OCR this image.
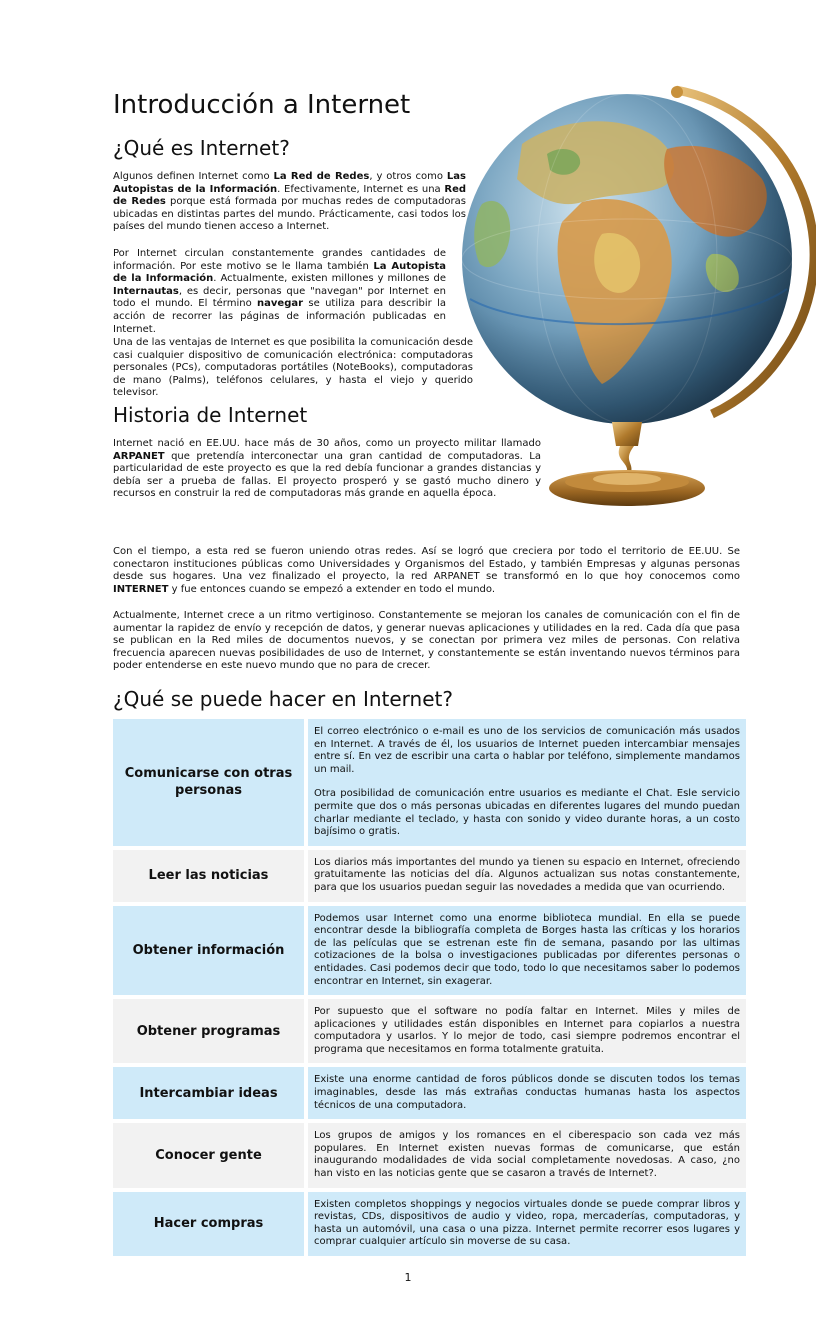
Introducción a Internet
¿Qué es Internet?

Algunos definen Internet como La Red de Redes, y otros como Las Autopistas de la Información. Efectivamente, Internet es una Red de Redes porque está formada por muchas redes de computadoras ubicadas en distintas partes del mundo. Prácticamente, casi todos los países del mundo tienen acceso a Internet.

Por Internet circulan constantemente grandes cantidades de información. Por este motivo se le llama también La Autopista de la Información. Actualmente, existen millones y millones de Internautas, es decir, personas que "navegan" por Internet en todo el mundo. El término navegar se utiliza para describir la acción de recorrer las páginas de información publicadas en Internet.

Una de las ventajas de Internet es que posibilita la comunicación desde casi cualquier dispositivo de comunicación electrónica: computadoras personales (PCs), computadoras portátiles (NoteBooks), computadoras de mano (Palms), teléfonos celulares, y hasta el viejo y querido televisor.

Historia de Internet

Internet nació en EE.UU. hace más de 30 años, como un proyecto militar llamado ARPANET que pretendía interconectar una gran cantidad de computadoras. La particularidad de este proyecto es que la red debía funcionar a grandes distancias y debía ser a prueba de fallas. El proyecto prosperó y se gastó mucho dinero y recursos en construir la red de computadoras más grande en aquella época.

Con el tiempo, a esta red se fueron uniendo otras redes. Así se logró que creciera por todo el territorio de EE.UU. Se conectaron instituciones públicas como Universidades y Organismos del Estado, y también Empresas y algunas personas desde sus hogares. Una vez finalizado el proyecto, la red ARPANET se transformó en lo que hoy conocemos como INTERNET y fue entonces cuando se empezó a extender en todo el mundo.

Actualmente, Internet crece a un ritmo vertiginoso. Constantemente se mejoran los canales de comunicación con el fin de aumentar la rapidez de envío y recepción de datos, y generar nuevas aplicaciones y utilidades en la red. Cada día que pasa se publican en la Red miles de documentos nuevos, y se conectan por primera vez miles de personas. Con relativa frecuencia aparecen nuevas posibilidades de uso de Internet, y constantemente se están inventando nuevos términos para poder entenderse en este nuevo mundo que no para de crecer.

¿Qué se puede hacer en Internet?
Comunicarse con otras personas		El correo electrónico o e-mail es uno de los servicios de comunicación más usados en Internet. A través de él, los usuarios de Internet pueden intercambiar mensajes entre sí. En vez de escribir una carta o hablar por teléfono, simplemente mandamos un mail.

Otra posibilidad de comunicación entre usuarios es mediante el Chat. Esle servicio permite que dos o más personas ubicadas en diferentes lugares del mundo puedan charlar mediante el teclado, y hasta con sonido y video durante horas, a un costo bajísimo o gratis.

Leer las noticias		Los diarios más importantes del mundo ya tienen su espacio en Internet, ofreciendo gratuitamente las noticias del día. Algunos actualizan sus notas constantemente, para que los usuarios puedan seguir las novedades a medida que van ocurriendo.

Obtener información		Podemos usar Internet como una enorme biblioteca mundial. En ella se puede encontrar desde la bibliografía completa de Borges hasta las críticas y los horarios de las películas que se estrenan este fin de semana, pasando por las ultimas cotizaciones de la bolsa o investigaciones publicadas por diferentes personas o entidades. Casi podemos decir que todo, todo lo que necesitamos saber lo podemos encontrar en Internet, sin exagerar.

Obtener programas		Por supuesto que el software no podía faltar en Internet. Miles y miles de aplicaciones y utilidades están disponibles en Internet para copiarlos a nuestra computadora y usarlos. Y lo mejor de todo, casi siempre podremos encontrar el programa que necesitamos en forma totalmente gratuita.

Intercambiar ideas		Existe una enorme cantidad de foros públicos donde se discuten todos los temas imaginables, desde las más extrañas conductas humanas hasta los aspectos técnicos de una computadora.

Conocer gente		Los grupos de amigos y los romances en el ciberespacio son cada vez más populares. En Internet existen nuevas formas de comunicarse, que están inaugurando modalidades de vida social completamente novedosas. A caso, ¿no han visto en las noticias gente que se casaron a través de Internet?.

Hacer compras		Existen completos shoppings y negocios virtuales donde se puede comprar libros y revistas, CDs, dispositivos de audio y video, ropa, mercaderías, computadoras, y hasta un automóvil, una casa o una pizza. Internet permite recorrer esos lugares y comprar cualquier artículo sin moverse de su casa.

1
